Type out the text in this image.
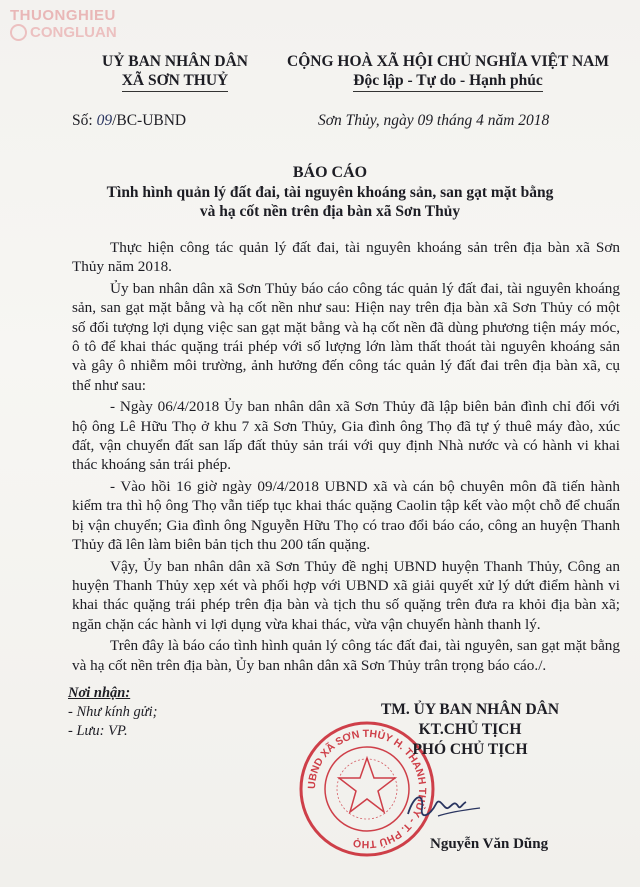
THUONGHIEU
CONGLUAN
UỶ BAN NHÂN DÂN
XÃ SƠN THUỶ
CỘNG HOÀ XÃ HỘI CHỦ NGHĨA VIỆT NAM
Độc lập - Tự do - Hạnh phúc
Số: 09/BC-UBND	Sơn Thủy, ngày 09 tháng 4 năm 2018
BÁO CÁO
Tình hình quản lý đất đai, tài nguyên khoáng sản, san gạt mặt bằng
và hạ cốt nền trên địa bàn xã Sơn Thủy

Thực hiện công tác quản lý đất đai, tài nguyên khoáng sản trên địa bàn xã Sơn Thủy năm 2018.

Ủy ban nhân dân xã Sơn Thủy báo cáo công tác quản lý đất đai, tài nguyên khoáng sản, san gạt mặt bằng và hạ cốt nền như sau: Hiện nay trên địa bàn xã Sơn Thủy có một số đối tượng lợi dụng việc san gạt mặt bằng và hạ cốt nền đã dùng phương tiện máy móc, ô tô để khai thác quặng trái phép với số lượng lớn làm thất thoát tài nguyên khoáng sản và gây ô nhiễm môi trường, ảnh hưởng đến công tác quản lý đất đai trên địa bàn xã, cụ thể như sau:

- Ngày 06/4/2018 Ủy ban nhân dân xã Sơn Thủy đã lập biên bản đình chỉ đối với hộ ông Lê Hữu Thọ ở khu 7 xã Sơn Thủy, Gia đình ông Thọ đã tự ý thuê máy đào, xúc đất, vận chuyển đất san lấp đất thủy sản trái với quy định Nhà nước và có hành vi khai thác khoáng sản trái phép.

- Vào hồi 16 giờ ngày 09/4/2018 UBND xã và cán bộ chuyên môn đã tiến hành kiểm tra thì hộ ông Thọ vẫn tiếp tục khai thác quặng Caolin tập kết vào một chỗ để chuẩn bị vận chuyển; Gia đình ông Nguyễn Hữu Thọ có trao đổi báo cáo, công an huyện Thanh Thủy đã lên làm biên bản tịch thu 200 tấn quặng.

Vậy, Ủy ban nhân dân xã Sơn Thủy đề nghị UBND huyện Thanh Thủy, Công an huyện Thanh Thủy xẹp xét và phối hợp với UBND xã giải quyết xử lý dứt điểm hành vi khai thác quặng trái phép trên địa bàn và tịch thu số quặng trên đưa ra khỏi địa bàn xã; ngăn chặn các hành vi lợi dụng vừa khai thác, vừa vận chuyển hành thanh lý.

Trên đây là báo cáo tình hình quản lý công tác đất đai, tài nguyên, san gạt mặt bằng và hạ cốt nền trên địa bàn, Ủy ban nhân dân xã Sơn Thủy trân trọng báo cáo./.

Nơi nhận:
- Như kính gửi;
- Lưu: VP.
UBND XÃ SƠN THỦY H. THANH THỦY - T. PHÚ THỌ
TM. ỦY BAN NHÂN DÂN
KT.CHỦ TỊCH
PHÓ CHỦ TỊCH
Nguyễn Văn Dũng
